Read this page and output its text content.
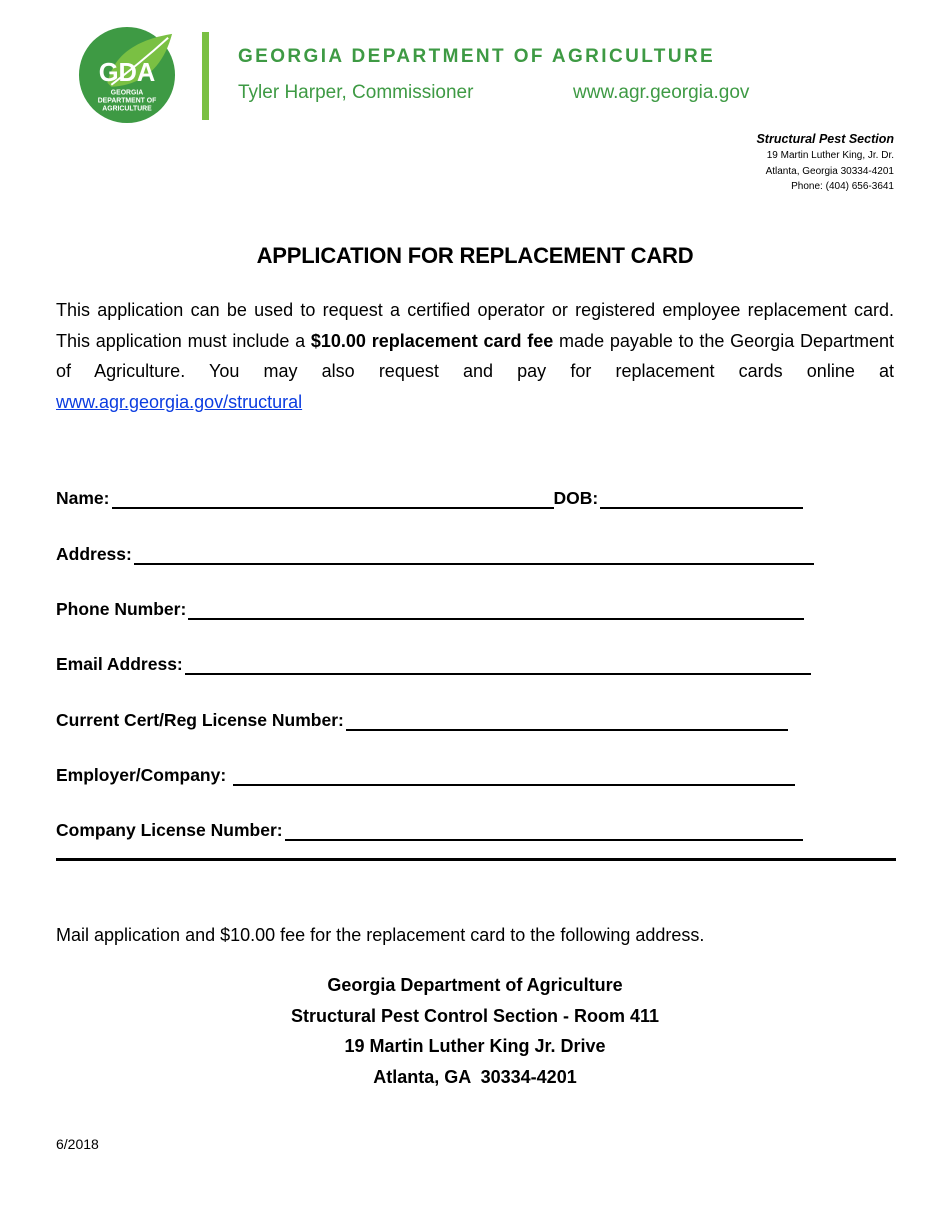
GDA
GEORGIA
DEPARTMENT OF
AGRICULTURE
GEORGIA DEPARTMENT OF AGRICULTURE
Tyler Harper, Commissioner	www.agr.georgia.gov
Structural Pest Section
19 Martin Luther King, Jr. Dr.
Atlanta, Georgia 30334-4201
Phone: (404) 656-3641
APPLICATION FOR REPLACEMENT CARD
This application can be used to request a certified operator or registered employee replacement card. This application must include a $10.00 replacement card fee made payable to the Georgia Department of Agriculture. You may also request and pay for replacement cards online at www.agr.georgia.gov/structural
Name:	DOB:
Address:
Phone Number:
Email Address:
Current Cert/Reg License Number:
Employer/Company:
Company License Number:
Mail application and $10.00 fee for the replacement card to the following address.
Georgia Department of Agriculture
Structural Pest Control Section - Room 411
19 Martin Luther King Jr. Drive
Atlanta, GA  30334-4201
6/2018
